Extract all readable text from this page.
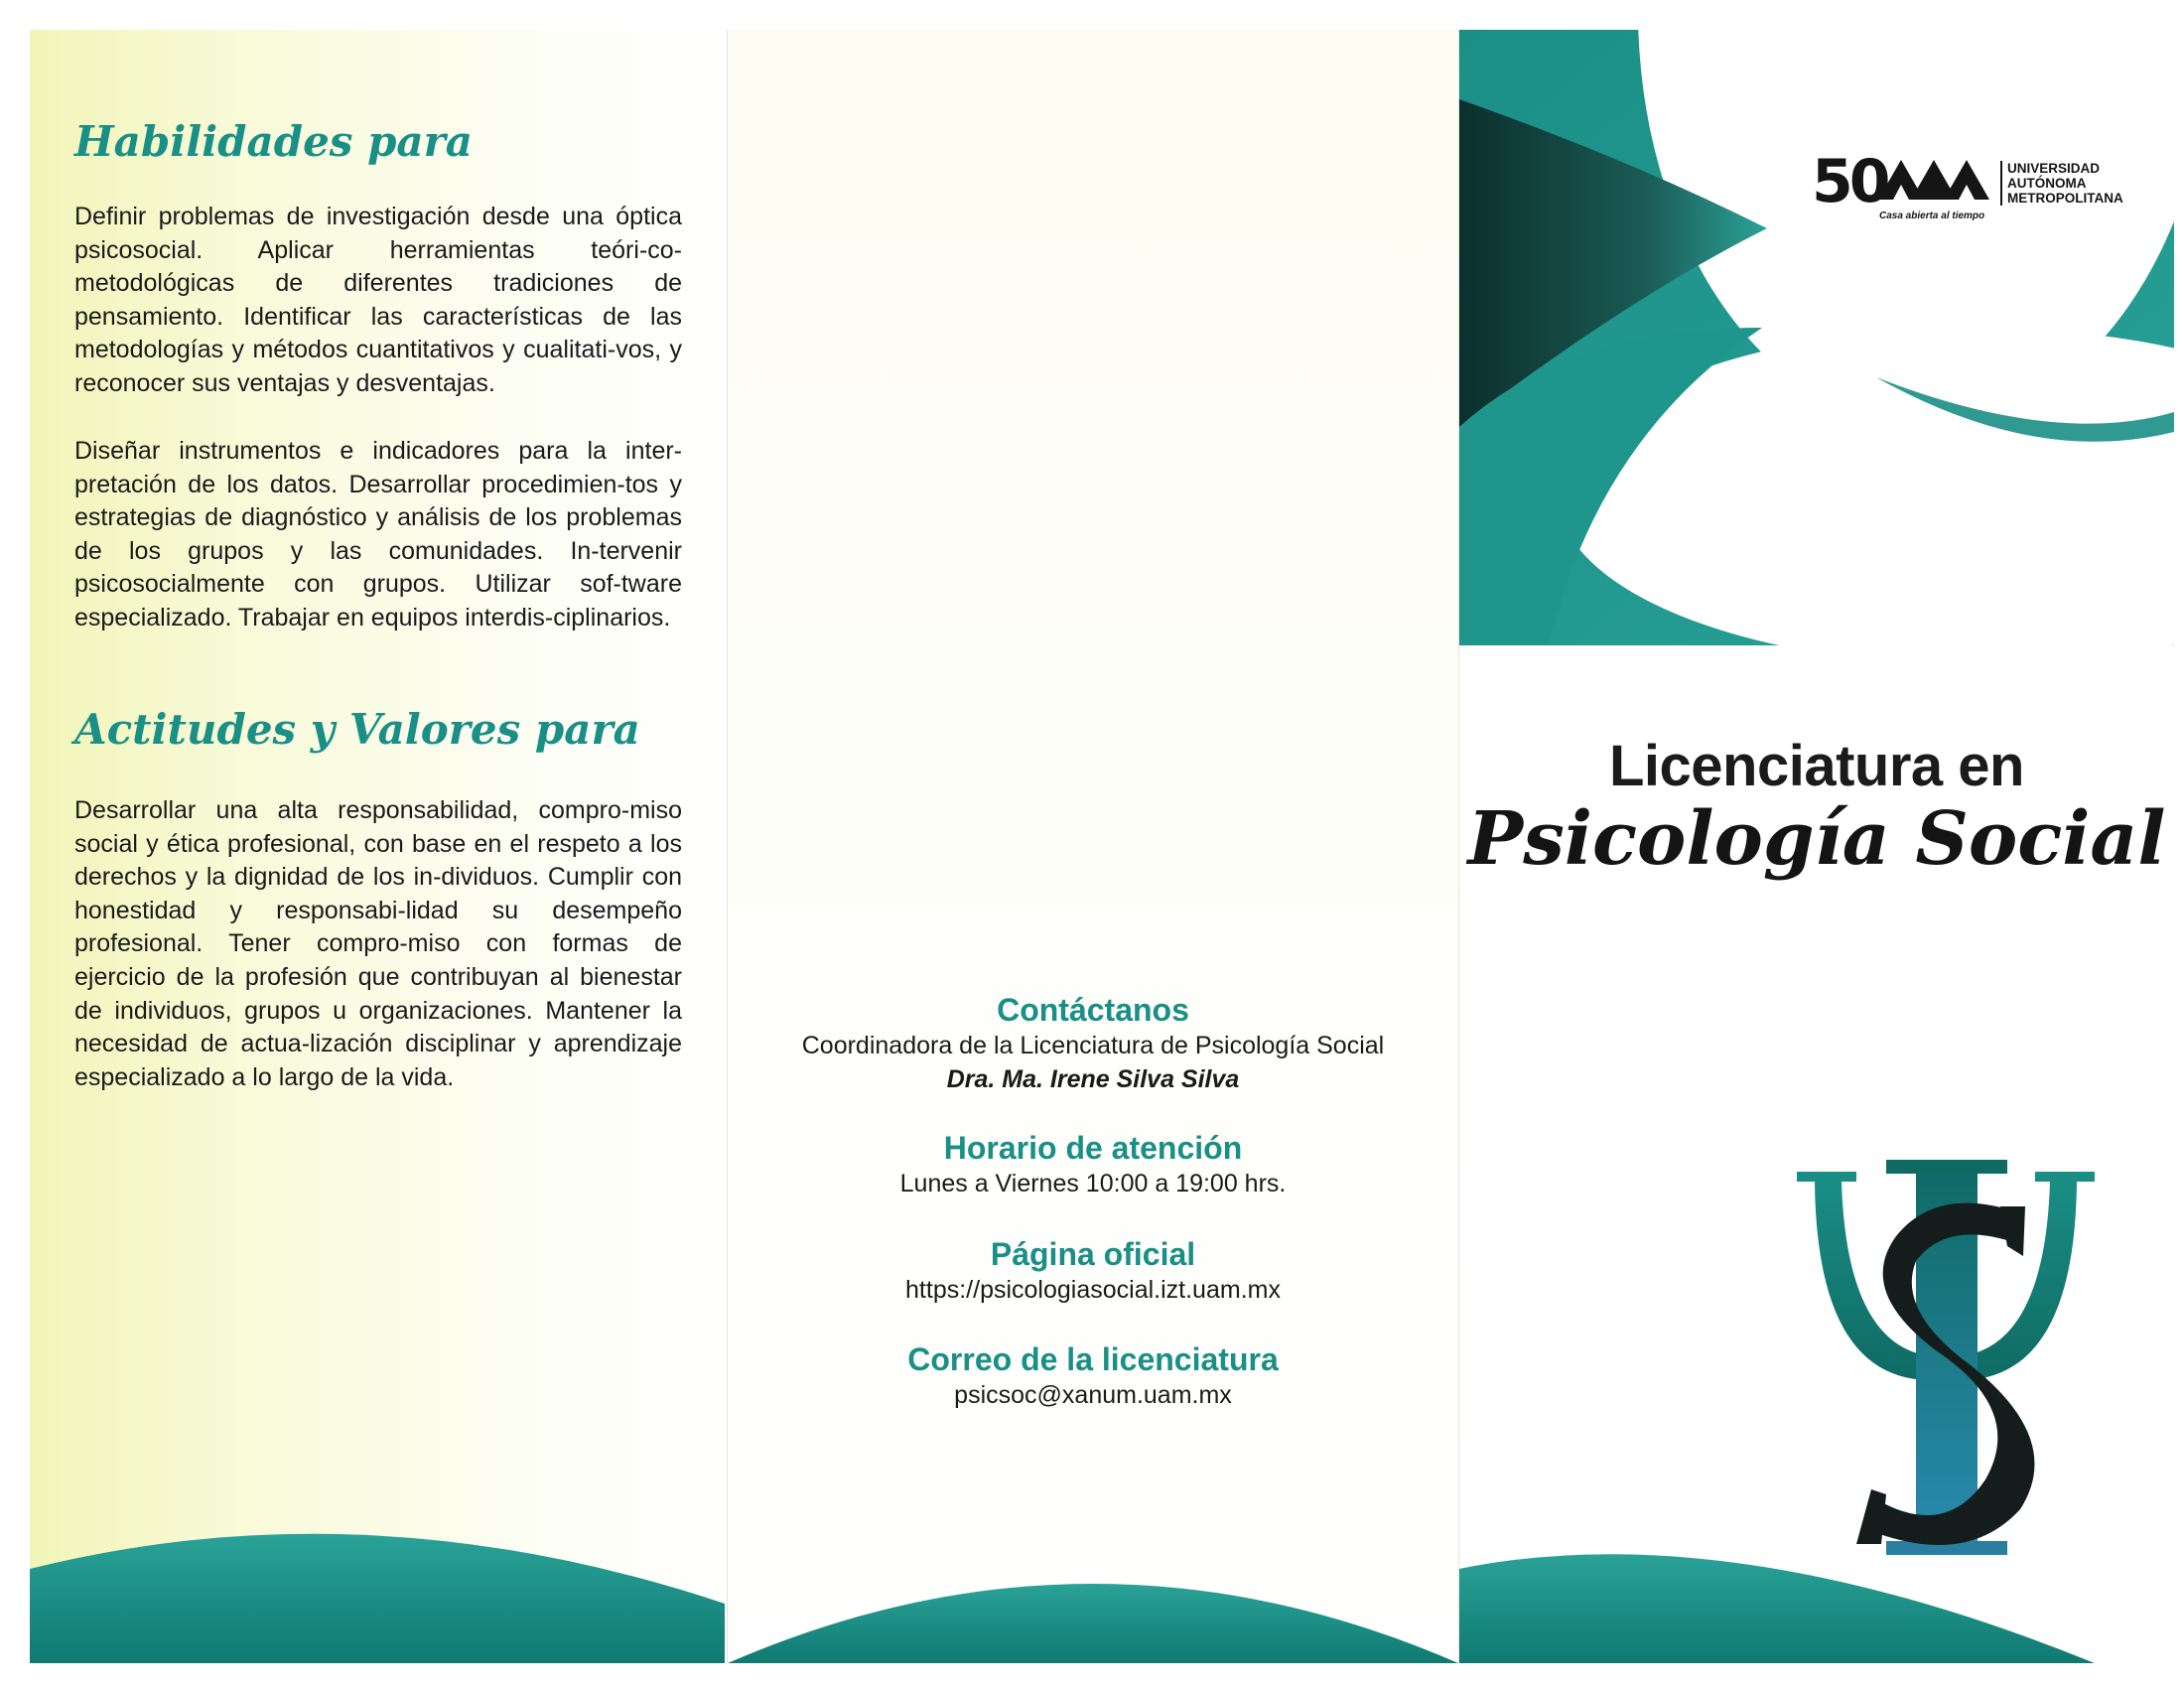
Habilidades para

Definir problemas de investigación desde una óptica psicosocial. Aplicar herramientas teóri-co-metodológicas de diferentes tradiciones de pensamiento. Identificar las características de las metodologías y métodos cuantitativos y cualitati-vos, y reconocer sus ventajas y desventajas.

Diseñar instrumentos e indicadores para la inter-pretación de los datos. Desarrollar procedimien-tos y estrategias de diagnóstico y análisis de los problemas de los grupos y las comunidades. In-tervenir psicosocialmente con grupos. Utilizar sof-tware especializado. Trabajar en equipos interdis-ciplinarios.

Actitudes y Valores para

Desarrollar una alta responsabilidad, compro-miso social y ética profesional, con base en el respeto a los derechos y la dignidad de los in-dividuos. Cumplir con honestidad y responsabi-lidad su desempeño profesional. Tener compro-miso con formas de ejercicio de la profesión que contribuyan al bienestar de individuos, grupos u organizaciones. Mantener la necesidad de actua-lización disciplinar y aprendizaje especializado a lo largo de la vida.

Contáctanos

Coordinadora de la Licenciatura de Psicología Social

Dra. Ma. Irene Silva Silva

Horario de atención

Lunes a Viernes 10:00 a 19:00 hrs.

Página oficial

https://psicologiasocial.izt.uam.mx

Correo de la licenciatura

psicsoc@xanum.uam.mx

50
Casa abierta al tiempo
UNIVERSIDAD
AUTÓNOMA
METROPOLITANA
Licenciatura en
Psicología Social
